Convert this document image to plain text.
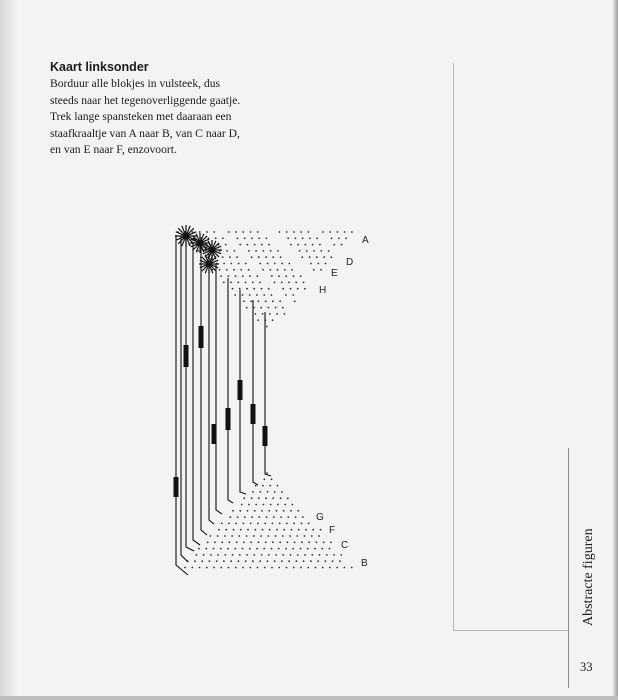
Kaart linksonder

Borduur alle blokjes in vulsteek, dus
steeds naar het tegenoverliggende gaatje.
Trek lange spansteken met daaraan een
staafkraaltje van A naar B, van C naar D,
en van E naar F, enzovoort.

Abstracte figuren
33
A
D
E
H
G
F
C
B
